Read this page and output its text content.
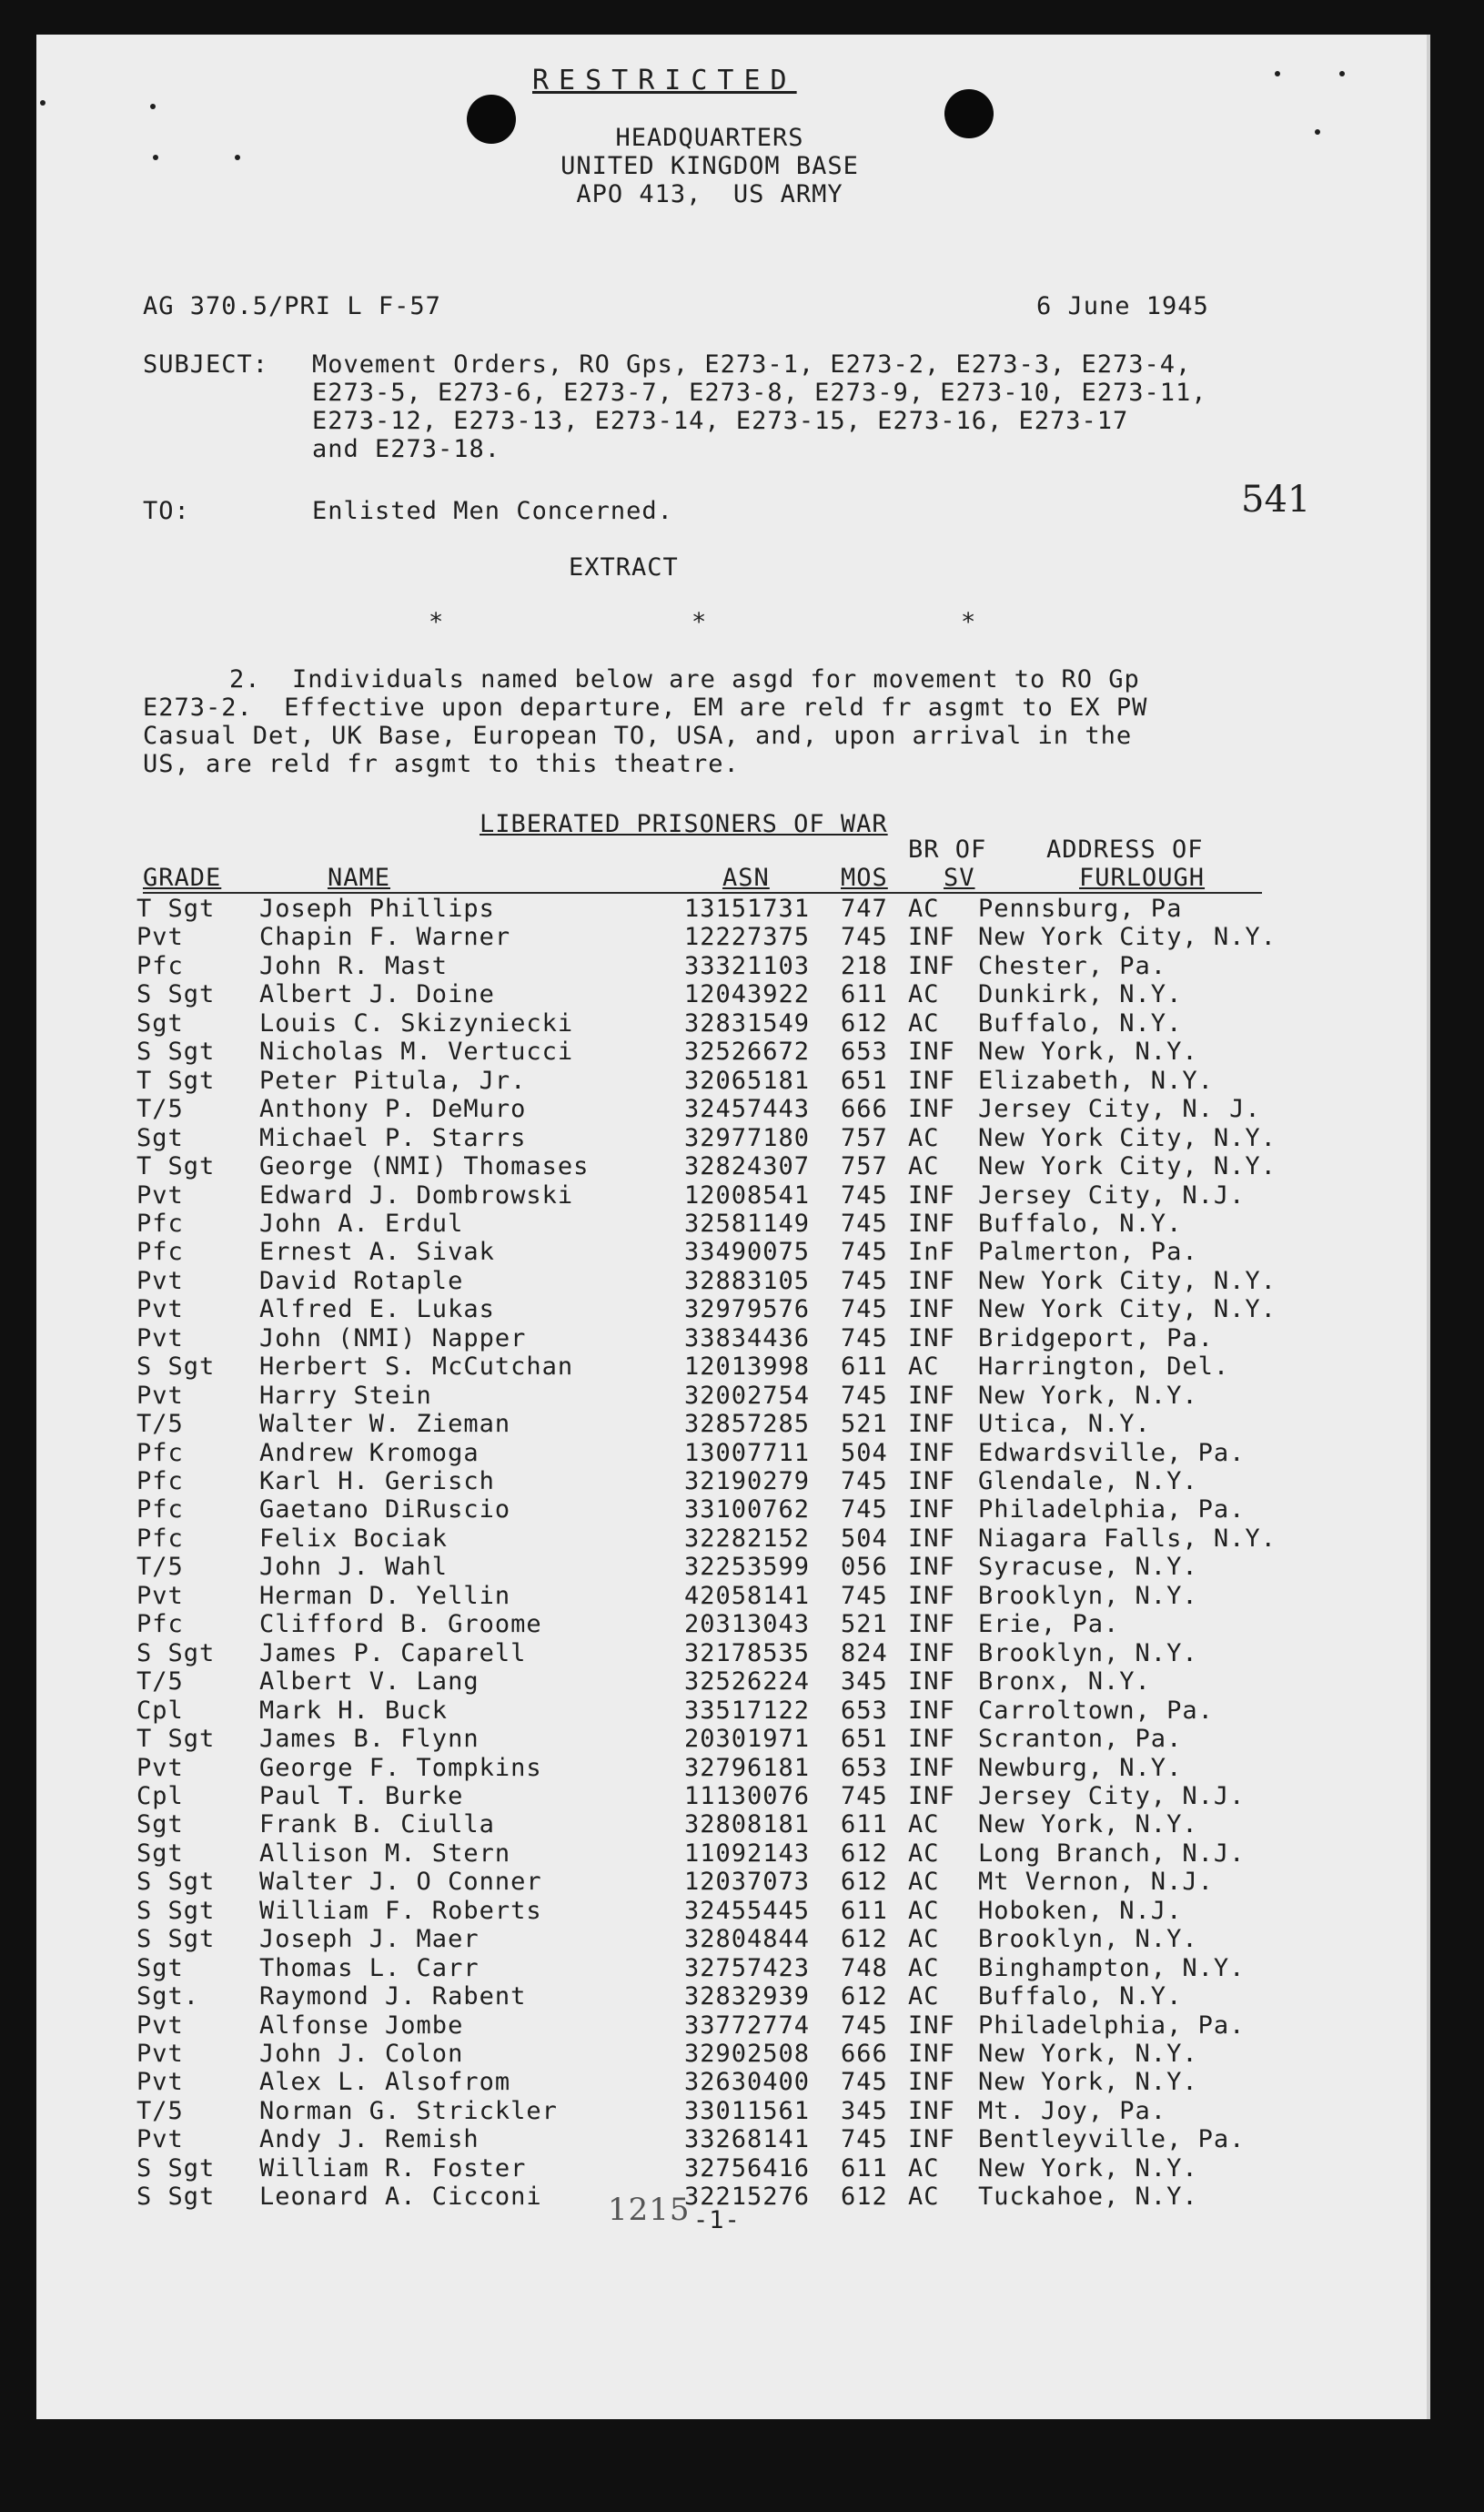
RESTRICTED
HEADQUARTERS
UNITED KINGDOM BASE
APO 413,  US ARMY
AG 370.5/PRI L F-57	6 June 1945
SUBJECT: Movement Orders, RO Gps, E273-1, E273-2, E273-3, E273-4,
E273-5, E273-6, E273-7, E273-8, E273-9, E273-10, E273-11,
E273-12, E273-13, E273-14, E273-15, E273-16, E273-17
and E273-18.
TO:	Enlisted Men Concerned.	541
EXTRACT
*	*	*
2.  Individuals named below are asgd for movement to RO Gp
E273-2.  Effective upon departure, EM are reld fr asgmt to EX PW
Casual Det, UK Base, European TO, USA, and, upon arrival in the
US, are reld fr asgmt to this theatre.
LIBERATED PRISONERS OF WAR
BR OF ADDRESS OF
GRADE	NAME	ASN	MOS SV	FURLOUGH
T Sgt Joseph Phillips	13151731 747 AC Pennsburg, Pa
Pvt	Chapin F. Warner	12227375 745 INF New York City, N.Y.
Pfc	John R. Mast	33321103 218 INF Chester, Pa.
S Sgt Albert J. Doine	12043922 611 AC Dunkirk, N.Y.
Sgt	Louis C. Skizyniecki	32831549 612 AC Buffalo, N.Y.
S Sgt Nicholas M. Vertucci	32526672 653 INF New York, N.Y.
T Sgt Peter Pitula, Jr.	32065181 651 INF Elizabeth, N.Y.
T/5	Anthony P. DeMuro	32457443 666 INF Jersey City, N. J.
Sgt	Michael P. Starrs	32977180 757 AC New York City, N.Y.
T Sgt George (NMI) Thomases	32824307 757 AC New York City, N.Y.
Pvt	Edward J. Dombrowski	12008541 745 INF Jersey City, N.J.
Pfc	John A. Erdul	32581149 745 INF Buffalo, N.Y.
Pfc	Ernest A. Sivak	33490075 745 InF Palmerton, Pa.
Pvt	David Rotaple	32883105 745 INF New York City, N.Y.
Pvt	Alfred E. Lukas	32979576 745 INF New York City, N.Y.
Pvt	John (NMI) Napper	33834436 745 INF Bridgeport, Pa.
S Sgt Herbert S. McCutchan	12013998 611 AC Harrington, Del.
Pvt	Harry Stein	32002754 745 INF New York, N.Y.
T/5	Walter W. Zieman	32857285 521 INF Utica, N.Y.
Pfc	Andrew Kromoga	13007711 504 INF Edwardsville, Pa.
Pfc	Karl H. Gerisch	32190279 745 INF Glendale, N.Y.
Pfc	Gaetano DiRuscio	33100762 745 INF Philadelphia, Pa.
Pfc	Felix Bociak	32282152 504 INF Niagara Falls, N.Y.
T/5	John J. Wahl	32253599 056 INF Syracuse, N.Y.
Pvt	Herman D. Yellin	42058141 745 INF Brooklyn, N.Y.
Pfc	Clifford B. Groome	20313043 521 INF Erie, Pa.
S Sgt James P. Caparell	32178535 824 INF Brooklyn, N.Y.
T/5	Albert V. Lang	32526224 345 INF Bronx, N.Y.
Cpl	Mark H. Buck	33517122 653 INF Carroltown, Pa.
T Sgt James B. Flynn	20301971 651 INF Scranton, Pa.
Pvt	George F. Tompkins	32796181 653 INF Newburg, N.Y.
Cpl	Paul T. Burke	11130076 745 INF Jersey City, N.J.
Sgt	Frank B. Ciulla	32808181 611 AC New York, N.Y.
Sgt	Allison M. Stern	11092143 612 AC Long Branch, N.J.
S Sgt Walter J. O Conner	12037073 612 AC Mt Vernon, N.J.
S Sgt William F. Roberts	32455445 611 AC Hoboken, N.J.
S Sgt Joseph J. Maer	32804844 612 AC Brooklyn, N.Y.
Sgt	Thomas L. Carr	32757423 748 AC Binghampton, N.Y.
Sgt. Raymond J. Rabent	32832939 612 AC Buffalo, N.Y.
Pvt	Alfonse Jombe	33772774 745 INF Philadelphia, Pa.
Pvt	John J. Colon	32902508 666 INF New York, N.Y.
Pvt	Alex L. Alsofrom	32630400 745 INF New York, N.Y.
T/5	Norman G. Strickler	33011561 345 INF Mt. Joy, Pa.
Pvt	Andy J. Remish	33268141 745 INF Bentleyville, Pa.
S Sgt William R. Foster	32756416 611 AC New York, N.Y.
S Sgt Leonard A. Cicconi	32215276 612 AC Tuckahoe, N.Y.
1215 -1-
